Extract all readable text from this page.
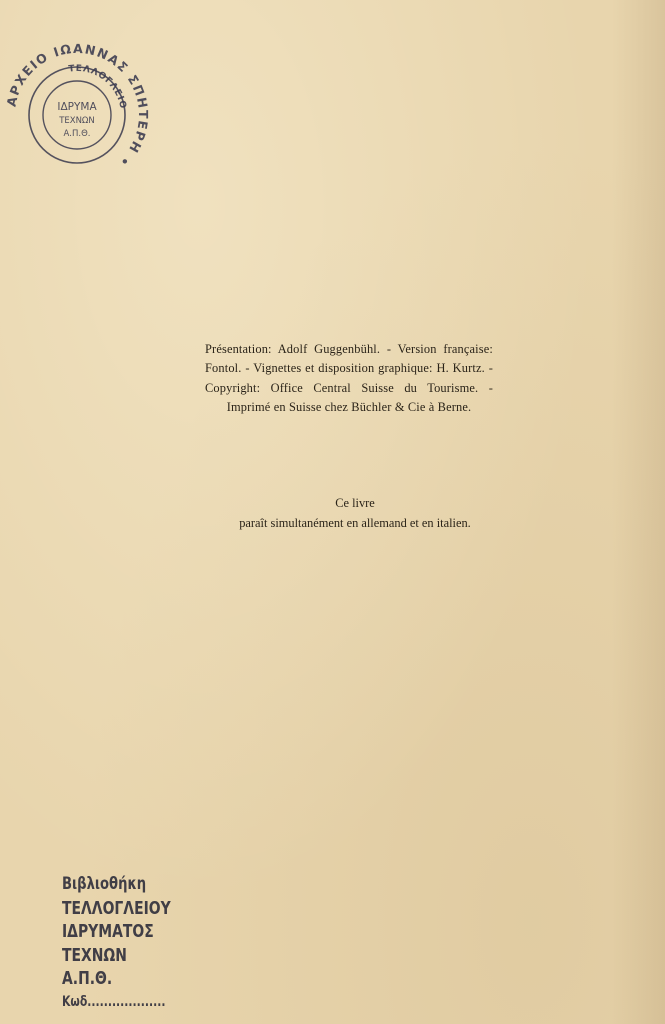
ΑΡΧΕΙΟ ΙΩΑΝΝΑΣ ΣΠΗΤΕΡΗ •
ΤΕΛΛΟΓΛΕΙΟ
ΙΔΡΥΜΑ
ΤΕΧΝΩΝ
Α.Π.Θ.
Présentation: Adolf Guggenbühl. - Version française: Fontol. - Vignettes et disposition graphique: H. Kurtz. - Copyright: Office Central Suisse du Tourisme. - Imprimé en Suisse chez Büchler & Cie à Berne.
Ce livre
paraît simultanément en allemand et en italien.
Βιβλιοθήκη
ΤΕΛΛΟΓΛΕΙΟΥ
ΙΔΡΥΜΑΤΟΣ
ΤΕΧΝΩΝ
Α.Π.Θ.
Κωδ...................
